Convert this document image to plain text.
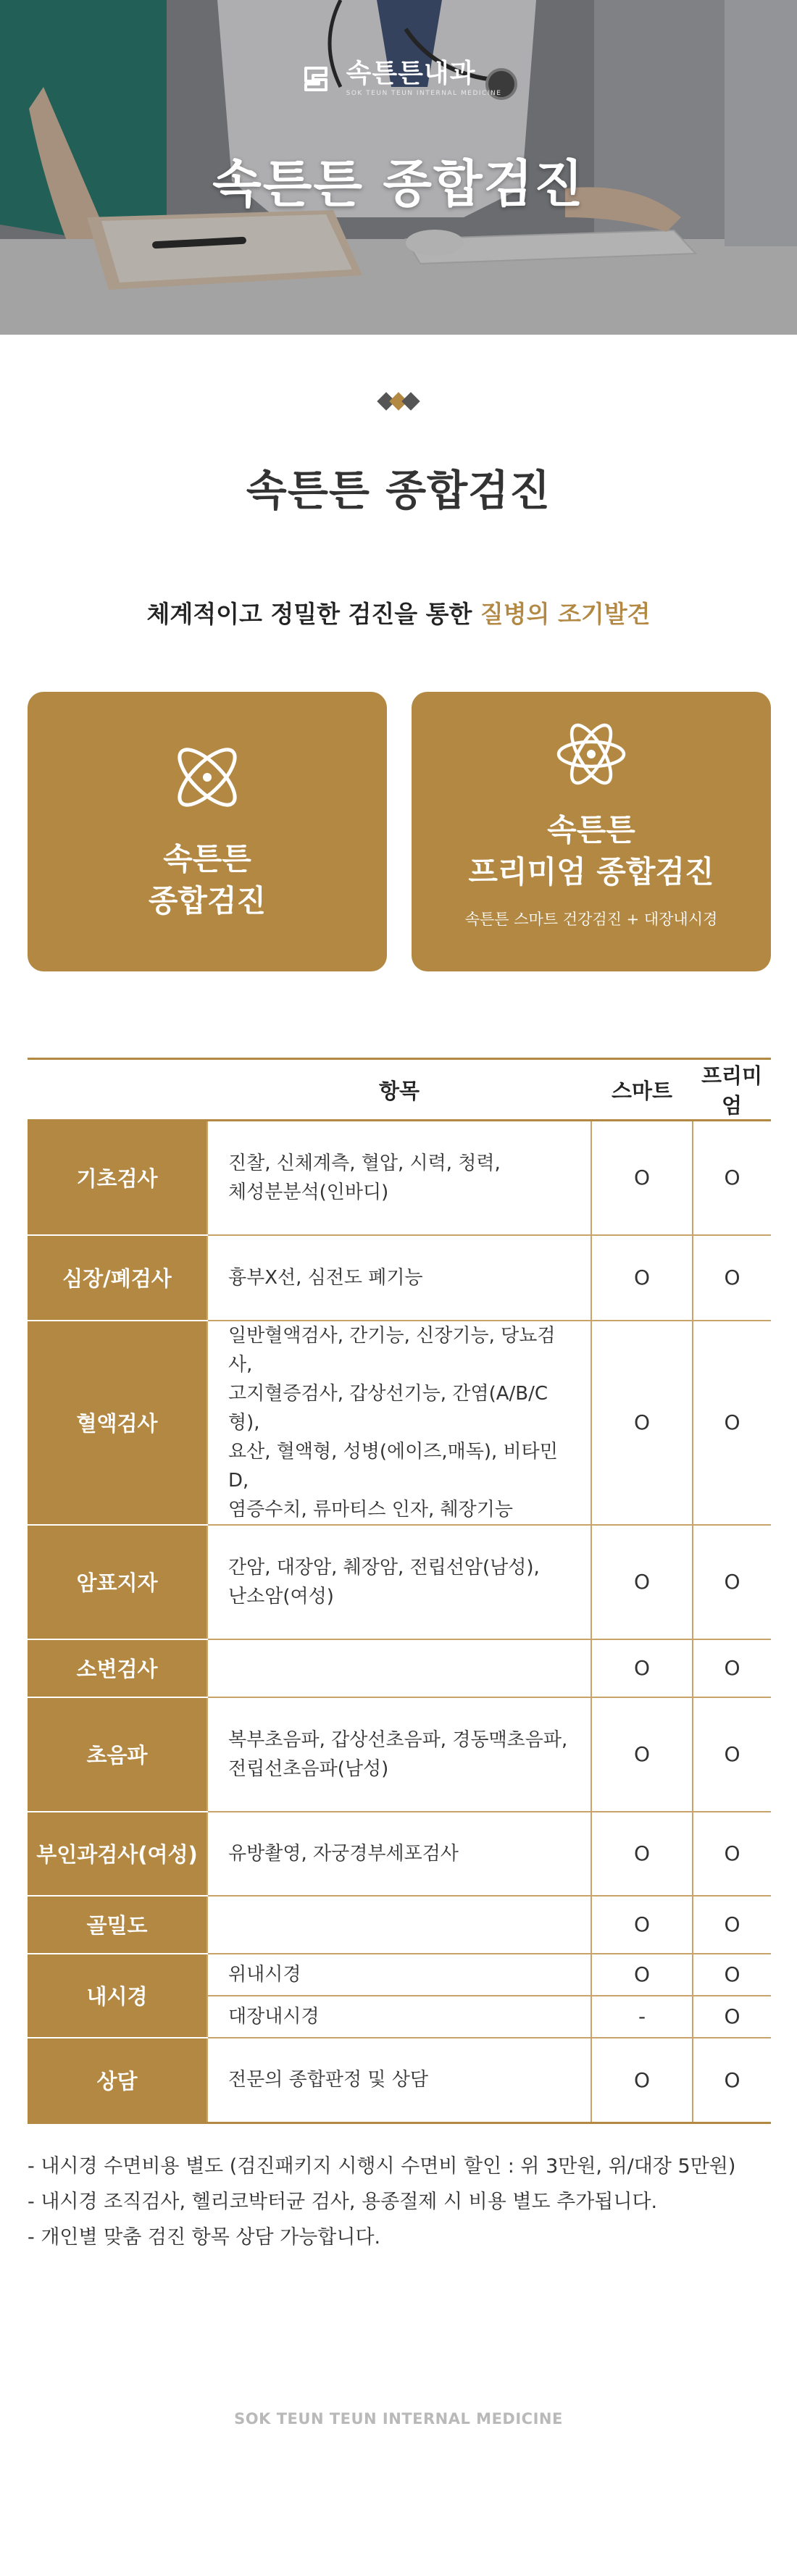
속튼튼내과
SOK TEUN TEUN INTERNAL MEDICINE
속튼튼 종합검진
속튼튼 종합검진
체계적이고 정밀한 검진을 통한 질병의 조기발견
속튼튼
종합검진
속튼튼
프리미엄 종합검진
속튼튼 스마트 건강검진 + 대장내시경
	항목	스마트	프리미엄
기초검사	진찰, 신체계측, 혈압, 시력, 청력,
체성분분석(인바디)	O	O
심장/폐검사	흉부X선, 심전도 폐기능	O	O
혈액검사	일반혈액검사, 간기능, 신장기능, 당뇨검사,
고지혈증검사, 갑상선기능, 간염(A/B/C형),
요산, 혈액형, 성병(에이즈,매독), 비타민D,
염증수치, 류마티스 인자, 췌장기능	O	O
암표지자	간암, 대장암, 췌장암, 전립선암(남성),
난소암(여성)	O	O
소변검사		O	O
초음파	복부초음파, 갑상선초음파, 경동맥초음파,
전립선초음파(남성)	O	O
부인과검사(여성)	유방촬영, 자궁경부세포검사	O	O
골밀도		O	O
내시경	위내시경	O	O
	대장내시경	-	O
상담	전문의 종합판정 및 상담	O	O
- 내시경 수면비용 별도 (검진패키지 시행시 수면비 할인 : 위 3만원, 위/대장 5만원)
- 내시경 조직검사, 헬리코박터균 검사, 용종절제 시 비용 별도 추가됩니다.
- 개인별 맞춤 검진 항목 상담 가능합니다.
SOK TEUN TEUN INTERNAL MEDICINE
